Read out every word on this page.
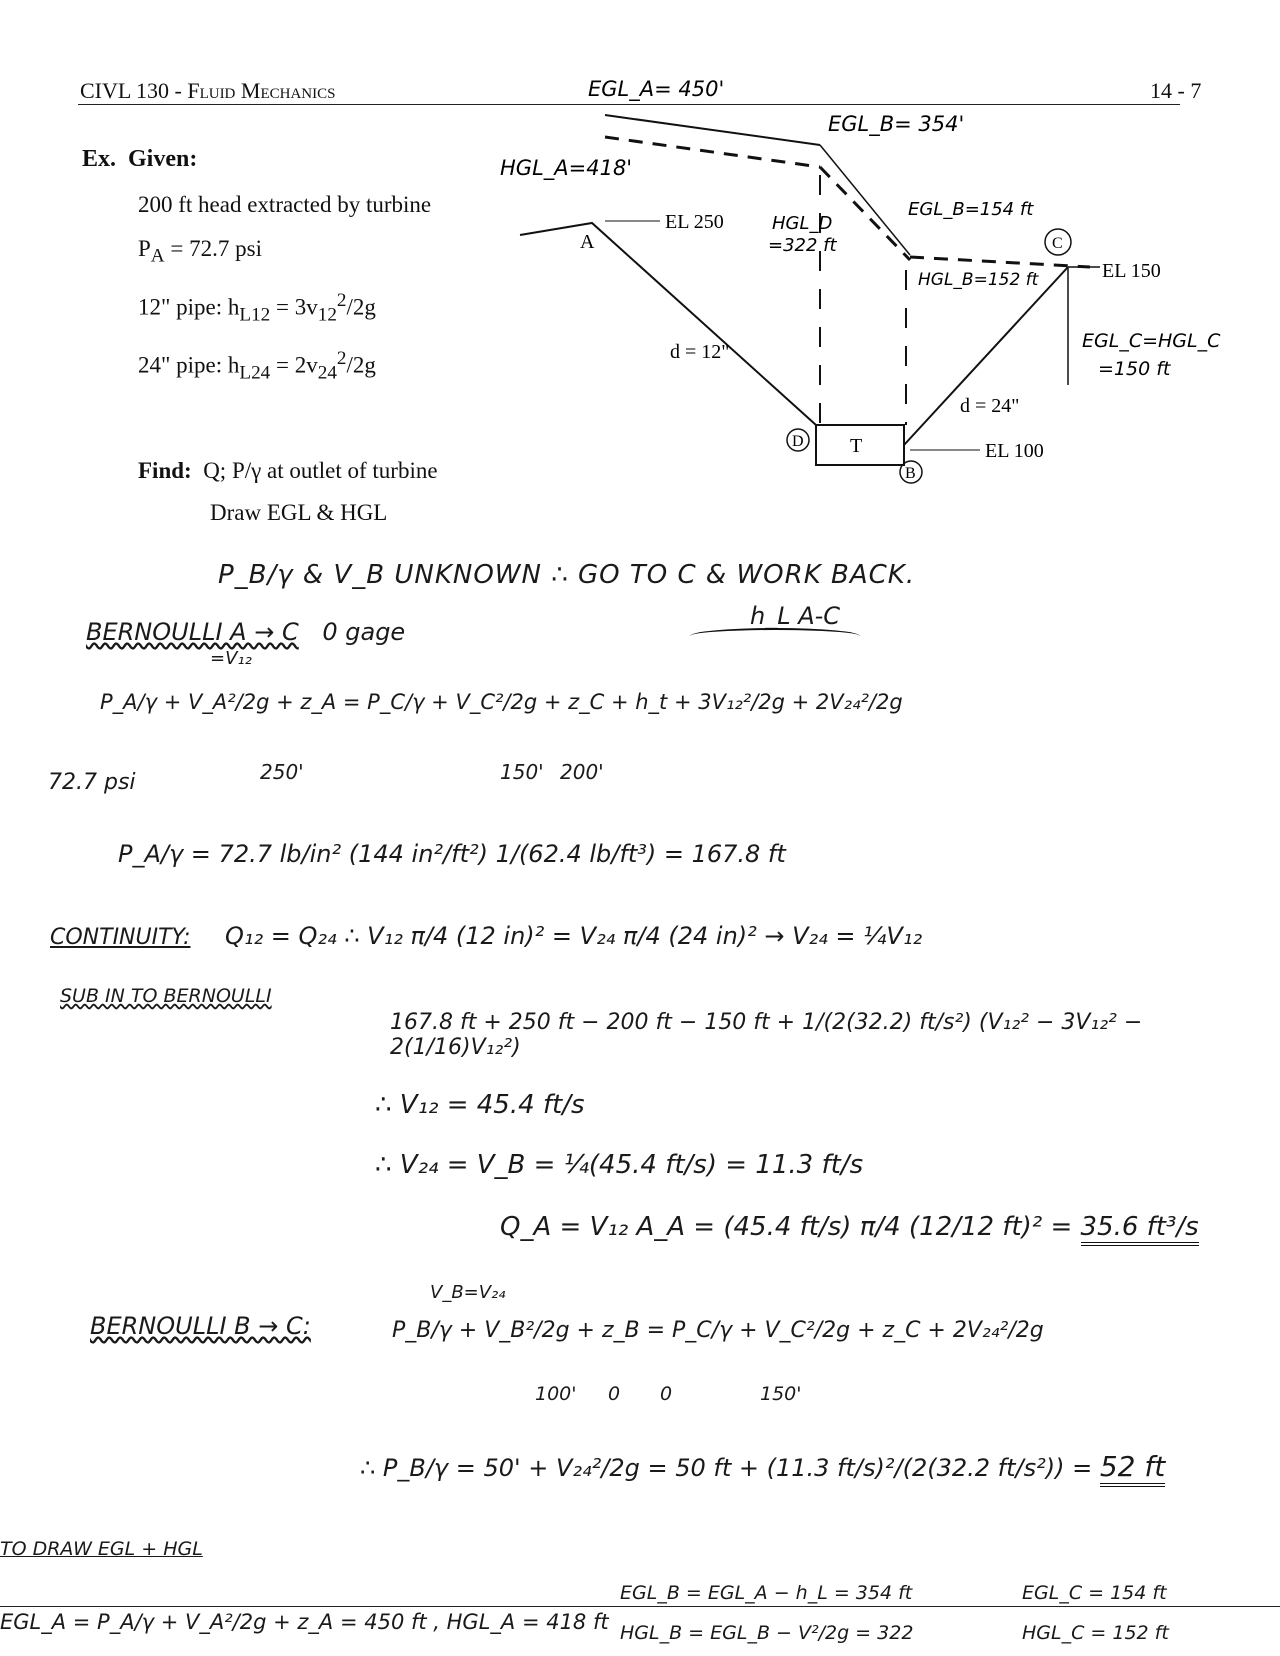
CIVL 130 - Fluid Mechanics	14 - 7
Ex. Given:
200 ft head extracted by turbine
$P_A = 72.7$ psi
12" pipe: $h_{L12} = 3v_{12}^2/2g$
24" pipe: $h_{L24} = 2v_{24}^2/2g$
Find: Q; P/γ at outlet of turbine
Draw EGL & HGL
A
EL 250
EL 150
EL 100
T
d = 12"
d = 24"
D
B
C
EGL_A= 450'
EGL_B= 354'
HGL_A=418'
HGL_D
=322 ft
EGL_B=154 ft
HGL_B=152 ft
EGL_C=HGL_C
=150 ft
P_B/γ & V_B UNKNOWN ∴ GO TO C & WORK BACK.
BERNOULLI A → C 0 gage
h_L A-C
=V₁₂
P_A/γ + V_A²/2g + z_A = P_C/γ + V_C²/2g + z_C + h_t + 3V₁₂²/2g + 2V₂₄²/2g
72.7 psi	250'	150' 200'
P_A/γ = 72.7 lb/in² (144 in²/ft²) 1/(62.4 lb/ft³) = 167.8 ft
CONTINUITY: Q₁₂ = Q₂₄ ∴ V₁₂ π/4 (12 in)² = V₂₄ π/4 (24 in)² → V₂₄ = ¼V₁₂
SUB IN TO BERNOULLI
167.8 ft + 250 ft − 200 ft − 150 ft + 1/(2(32.2) ft/s²) (V₁₂² − 3V₁₂² − 2(1/16)V₁₂²)
∴ V₁₂ = 45.4 ft/s
∴ V₂₄ = V_B = ¼(45.4 ft/s) = 11.3 ft/s
Q_A = V₁₂ A_A = (45.4 ft/s) π/4 (12/12 ft)² = 35.6 ft³/s
BERNOULLI B → C:
V_B=V₂₄
P_B/γ + V_B²/2g + z_B = P_C/γ + V_C²/2g + z_C + 2V₂₄²/2g
100' 0 0	150'
∴ P_B/γ = 50' + V₂₄²/2g = 50 ft + (11.3 ft/s)²/(2(32.2 ft/s²)) = 52 ft
TO DRAW EGL + HGL
EGL_A = P_A/γ + V_A²/2g + z_A = 450 ft , HGL_A = 418 ft
EGL_B = EGL_A − h_L = 354 ft
HGL_B = EGL_B − V²/2g = 322
EGL_C = 154 ft
HGL_C = 152 ft
